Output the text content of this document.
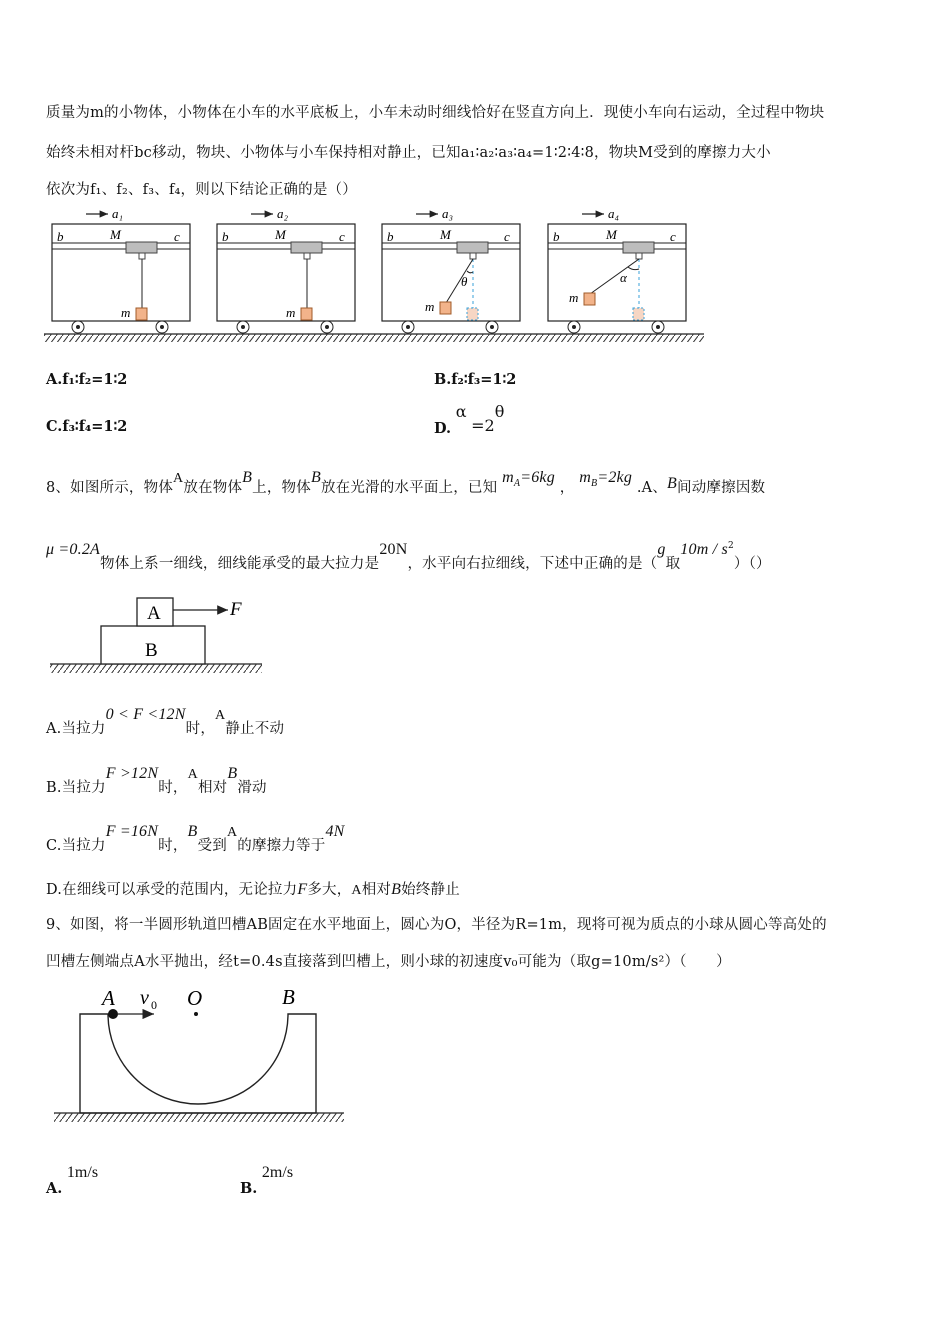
质量为m的小物体，小物体在小车的水平底板上，小车未动时细线恰好在竖直方向上．现使小车向右运动，全过程中物块
始终未相对杆bc移动，物块、小物体与小车保持相对静止，已知a₁∶a₂∶a₃∶a₄=1∶2∶4∶8，物块M受到的摩擦力大小
依次为f₁、f₂、f₃、f₄，则以下结论正确的是（）
a₁
b	c
M
m
a₂
b	c
M
m
a₃
b	c
M
m
θ
a₄
b	c
M
m
α
A.f₁∶f₂=1∶2	B.f₂∶f₃=1∶2
C.f₃∶f₄=1∶2	D. α =2θ
8、如图所示，物体A放在物体B上，物体B放在光滑的水平面上，已知 $m_A=6kg$ ， $m_B=2kg$ .A、B间动摩擦因数
μ =0.2A物体上系一细线，细线能承受的最大拉力是20N，水平向右拉细线，下述中正确的是（g取$10m / s^2)()$
A
B
F
A.当拉力0 < F <12N时，A静止不动
B.当拉力F >12N时，A相对B滑动
C.当拉力F =16N时，B受到A的摩擦力等于4N
D.在细线可以承受的范围内，无论拉力F多大，A相对B始终静止
9、如图，将一半圆形轨道凹槽AB固定在水平地面上，圆心为O，半径为R=1m，现将可视为质点的小球从圆心等高处的
凹槽左侧端点A水平抛出，经t=0.4s直接落到凹槽上，则小球的初速度v₀可能为（取g=10m/s²）（　　）
A v 0 O	B
A. 1m/s
B. 2m/s
